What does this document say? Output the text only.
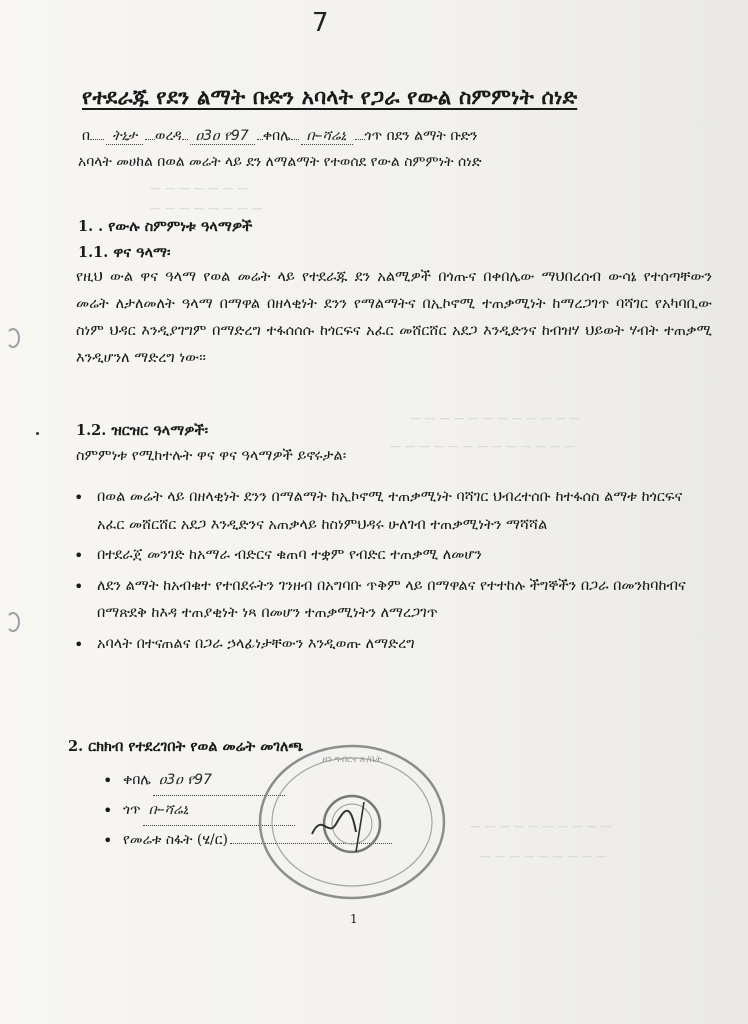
— — — — — — —
— — — — — — — —
— — — — — — — — — — — —
— — — — — — — — — — — — —
— — — — — — — — — —
— — — — — — — — —
7
የተደራጁ የደን ልማት ቡድን አባላት የጋራ የውል ስምምነት ሰነድ
በ ትኒታ ወረዳ ዐ3ዐ የ97 ቀበሌ ቡ-ሻሬኒ ጎጥ በደን ልማት ቡድን
አባላት መሀከል በወል መሬት ላይ ደን ለማልማት የተወሰደ የውል ስምምነት ሰነድ
1. . የውሉ ስምምነቱ ዓላማዎች
1.1. ዋና ዓላማ፡
የዚህ ውል ዋና ዓላማ የወል መሬት ላይ የተደራጁ ደን አልሚዎች በጎጡና በቀበሌው ማህበረሰብ ውሳኔ የተሰጣቸውን መሬት ለታለመለት ዓላማ በማዋል በዘላቂነት ደንን የማልማትና በኢኮኖሚ ተጠቃሚነት ከማረጋገጥ ባሻገር የአካባቢው ስነም ህዳር እንዲያገግም በማድረግ ተፋሰሰሱ ከጎርፍና አፈር መሸርሸር አደጋ እንዲድንና ከብዝሃ ህይወት ሃብት ተጠቃሚ እንዲሆንለ ማድረግ ነው፡፡
1.2. ዝርዝር ዓላማዎች፡
ስምምነቱ የሚከተሉት ዋና ዋና ዓላማዎች ይኖሩታል፡
• በወል መሬት ላይ በዘላቂነት ደንን በማልማት ከኢኮኖሚ ተጠቃሚነት ባሻገር ህብረተሰቡ ከተፋሰስ ልማቱ ከጎርፍና አፈር መሸርሸር አደጋ እንዲድንና አጠቃላይ ከስነምህዳሩ ሁለገብ ተጠቃሚነትን ማሻሻል
• በተደራጀ መንገድ ከአማራ ብድርና ቁጠባ ተቋም የብድር ተጠቃሚ ለመሆን
• ለደን ልማት ከአብቁተ የተበደሩትን ገንዘብ በአግባቡ ጥቅም ላይ በማዋልና የተተከሉ ችግኞችን በጋራ በመንከባከብና በማጽደቅ ከእዳ ተጠያቂነት ነጻ በመሆን ተጠቃሚነትን ለማረጋገጥ
• አባላት በተናጠልና በጋራ ኃላፊነታቸውን እንዲወጡ ለማድረግ
2. ርክክብ የተደረገበት የወል መሬት መገለጫ
• ቀበሌ ዐ3ዐ የ97
• ጎጥ ቡ-ሻሬኒ
• የመሬቱ ስፋት (ሄ/ር)
ዞን ግብርና ጽ/ቤት
1
